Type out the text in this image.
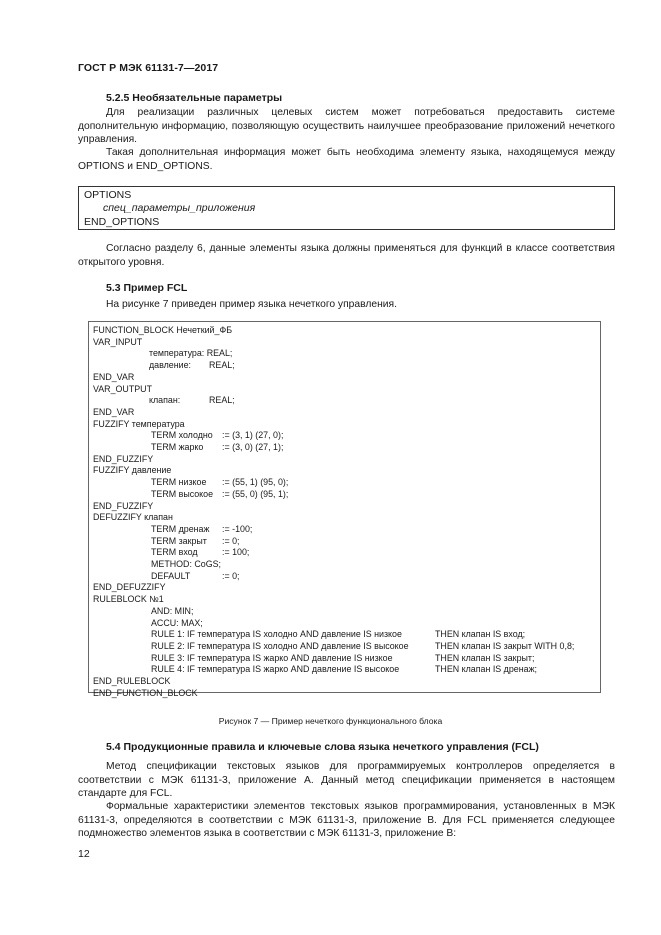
ГОСТ Р МЭК 61131-7—2017
5.2.5 Необязательные параметры
Для реализации различных целевых систем может потребоваться предоставить системе дополнительную информацию, позволяющую осуществить наилучшее преобразование приложений нечеткого управления.
Такая дополнительная информация может быть необходима элементу языка, находящемуся между OPTIONS и END_OPTIONS.
OPTIONS
спец_параметры_приложения
END_OPTIONS
Согласно разделу 6, данные элементы языка должны применяться для функций в классе соответствия открытого уровня.
5.3 Пример FCL
На рисунке 7 приведен пример языка нечеткого управления.
FUNCTION_BLOCK Нечеткий_ФБ
VAR_INPUT
температура: REAL;
давление: REAL;
END_VAR
VAR_OUTPUT
клапан:	REAL;
END_VAR
FUZZIFY температура
TERM холодно := (3, 1) (27, 0);
TERM жарко := (3, 0) (27, 1);
END_FUZZIFY
FUZZIFY давление
TERM низкое := (55, 1) (95, 0);
TERM высокое := (55, 0) (95, 1);
END_FUZZIFY
DEFUZZIFY клапан
TERM дренаж := -100;
TERM закрыт := 0;
TERM вход	:= 100;
METHOD: CoGS;
DEFAULT	:= 0;
END_DEFUZZIFY
RULEBLOCK №1
AND: MIN;
ACCU: MAX;
RULE 1: IF температура IS холодно AND давление IS низкое	THEN клапан IS вход;
RULE 2: IF температура IS холодно AND давление IS высокое	THEN клапан IS закрыт WITH 0,8;
RULE 3: IF температура IS жарко AND давление IS низкое	THEN клапан IS закрыт;
RULE 4: IF температура IS жарко AND давление IS высокое	THEN клапан IS дренаж;
END_RULEBLOCK
END_FUNCTION_BLOCK
Рисунок 7 — Пример нечеткого функционального блока
5.4 Продукционные правила и ключевые слова языка нечеткого управления (FCL)
Метод спецификации текстовых языков для программируемых контроллеров определяется в соответствии с МЭК 61131-3, приложение А. Данный метод спецификации применяется в настоящем стандарте для FCL.
Формальные характеристики элементов текстовых языков программирования, установленных в МЭК 61131-3, определяются в соответствии с МЭК 61131-3, приложение В. Для FCL применяется следующее подмножество элементов языка в соответствии с МЭК 61131-3, приложение В:
12
